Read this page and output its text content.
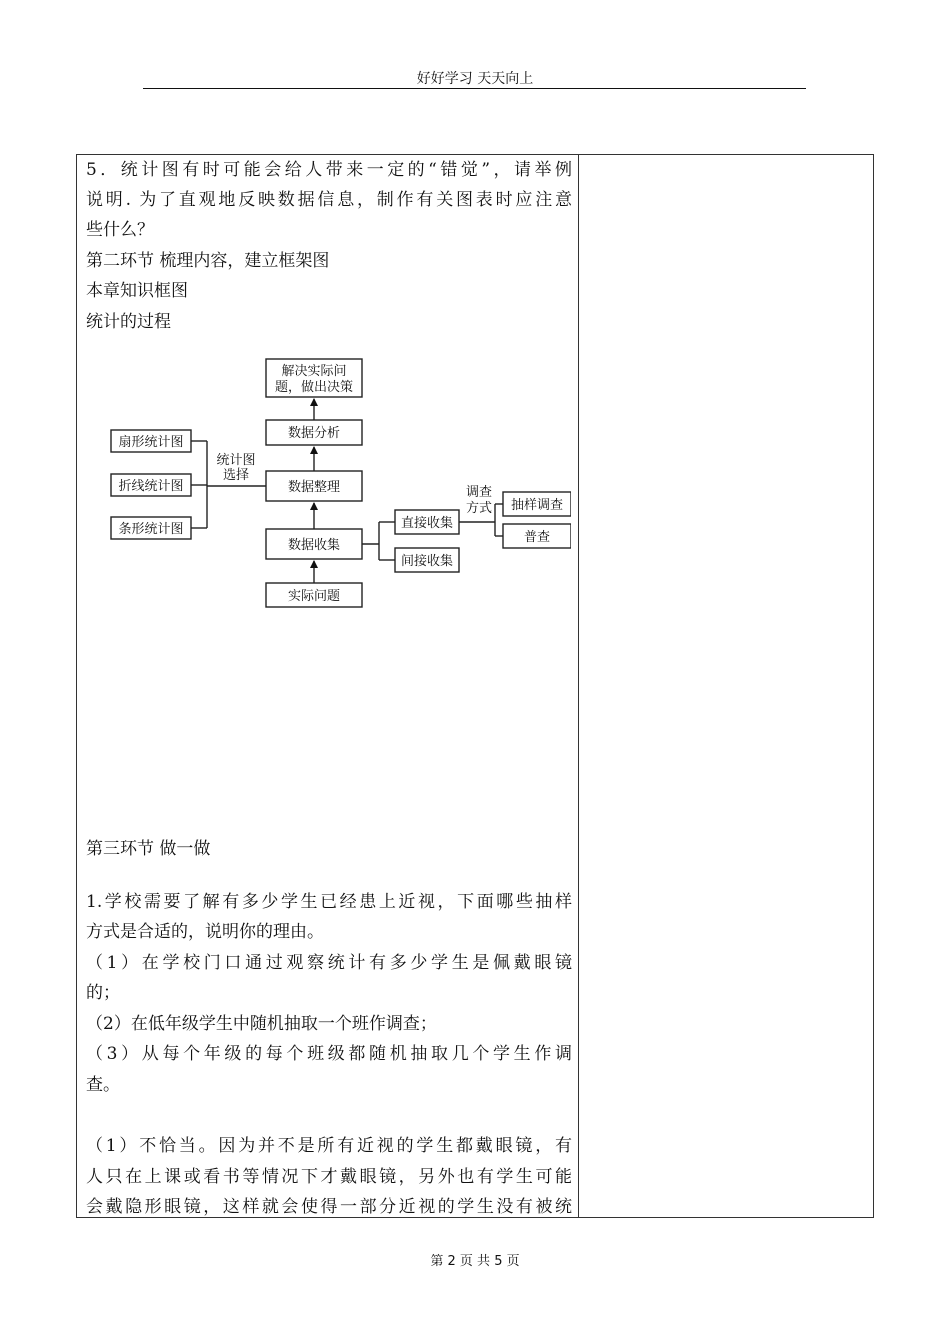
好好学习 天天向上
5．统计图有时可能会给人带来一定的“错觉”，请举例
说明. 为了直观地反映数据信息，制作有关图表时应注意
些什么？
第二环节 梳理内容，建立框架图
本章知识框图
统计的过程
解决实际问
题，做出决策
数据分析
数据整理
数据收集
实际问题
扇形统计图
折线统计图
条形统计图
统计图
选择
直接收集
间接收集
调查
方式 抽样调查
普查
第三环节 做一做
1.学校需要了解有多少学生已经患上近视，下面哪些抽样
方式是合适的，说明你的理由。
（1）在学校门口通过观察统计有多少学生是佩戴眼镜
的；
（2）在低年级学生中随机抽取一个班作调查；
（3）从每个年级的每个班级都随机抽取几个学生作调
查。
（1）不恰当。因为并不是所有近视的学生都戴眼镜，有
人只在上课或看书等情况下才戴眼镜，另外也有学生可能
会戴隐形眼镜，这样就会使得一部分近视的学生没有被统
第 2 页 共 5 页
